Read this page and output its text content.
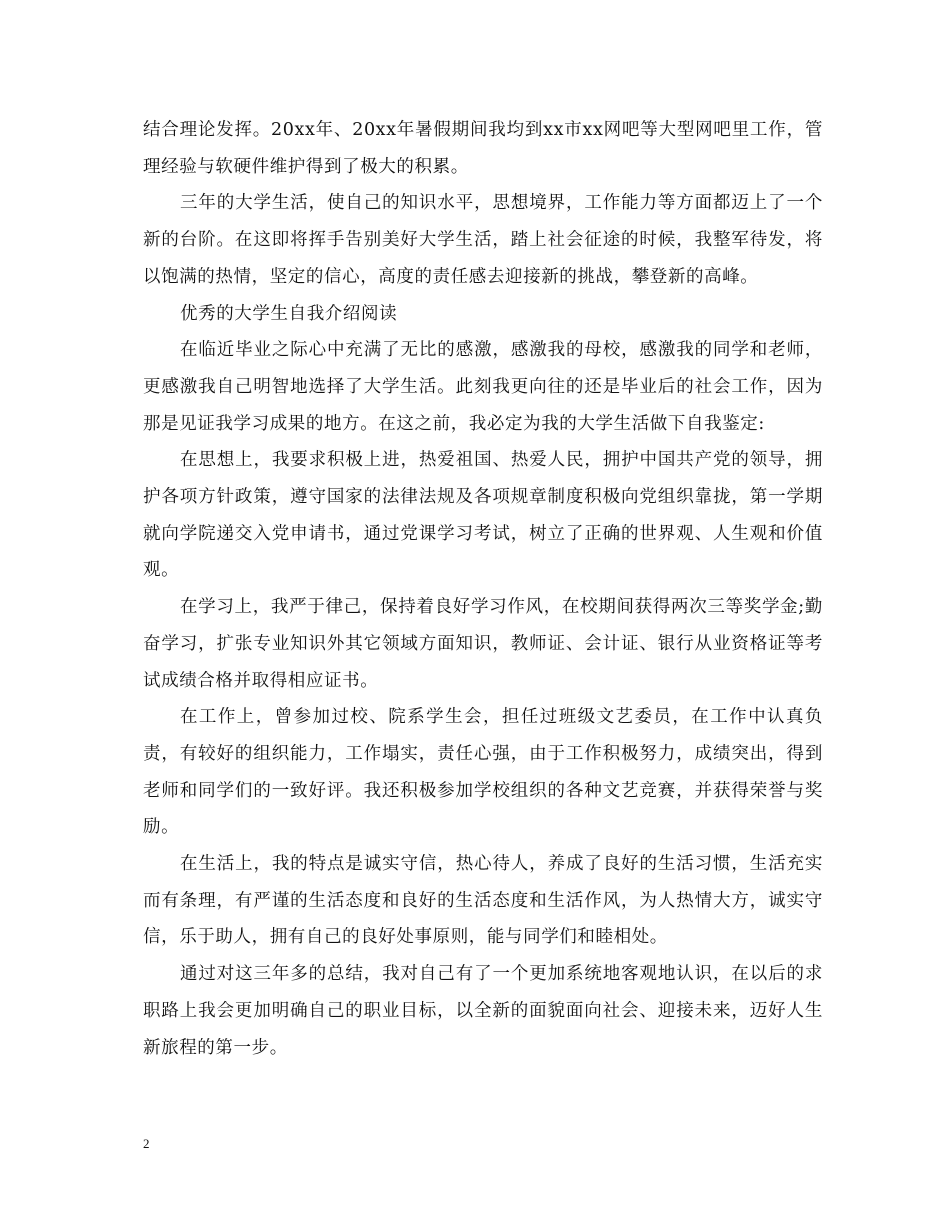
结合理论发挥。20xx年、20xx年暑假期间我均到xx市xx网吧等大型网吧里工作，管理经验与软硬件维护得到了极大的积累。

三年的大学生活，使自己的知识水平，思想境界，工作能力等方面都迈上了一个新的台阶。在这即将挥手告别美好大学生活，踏上社会征途的时候，我整军待发，将以饱满的热情，坚定的信心，高度的责任感去迎接新的挑战，攀登新的高峰。

优秀的大学生自我介绍阅读

在临近毕业之际心中充满了无比的感激，感激我的母校，感激我的同学和老师，更感激我自己明智地选择了大学生活。此刻我更向往的还是毕业后的社会工作，因为那是见证我学习成果的地方。在这之前，我必定为我的大学生活做下自我鉴定:

在思想上，我要求积极上进，热爱祖国、热爱人民，拥护中国共产党的领导，拥护各项方针政策，遵守国家的法律法规及各项规章制度积极向党组织靠拢，第一学期就向学院递交入党申请书，通过党课学习考试，树立了正确的世界观、人生观和价值观。

在学习上，我严于律己，保持着良好学习作风，在校期间获得两次三等奖学金;勤奋学习，扩张专业知识外其它领域方面知识，教师证、会计证、银行从业资格证等考试成绩合格并取得相应证书。

在工作上，曾参加过校、院系学生会，担任过班级文艺委员，在工作中认真负责，有较好的组织能力，工作塌实，责任心强，由于工作积极努力，成绩突出，得到老师和同学们的一致好评。我还积极参加学校组织的各种文艺竞赛，并获得荣誉与奖励。

在生活上，我的特点是诚实守信，热心待人，养成了良好的生活习惯，生活充实而有条理，有严谨的生活态度和良好的生活态度和生活作风，为人热情大方，诚实守信，乐于助人，拥有自己的良好处事原则，能与同学们和睦相处。

通过对这三年多的总结，我对自己有了一个更加系统地客观地认识，在以后的求职路上我会更加明确自己的职业目标，以全新的面貌面向社会、迎接未来，迈好人生新旅程的第一步。

2
